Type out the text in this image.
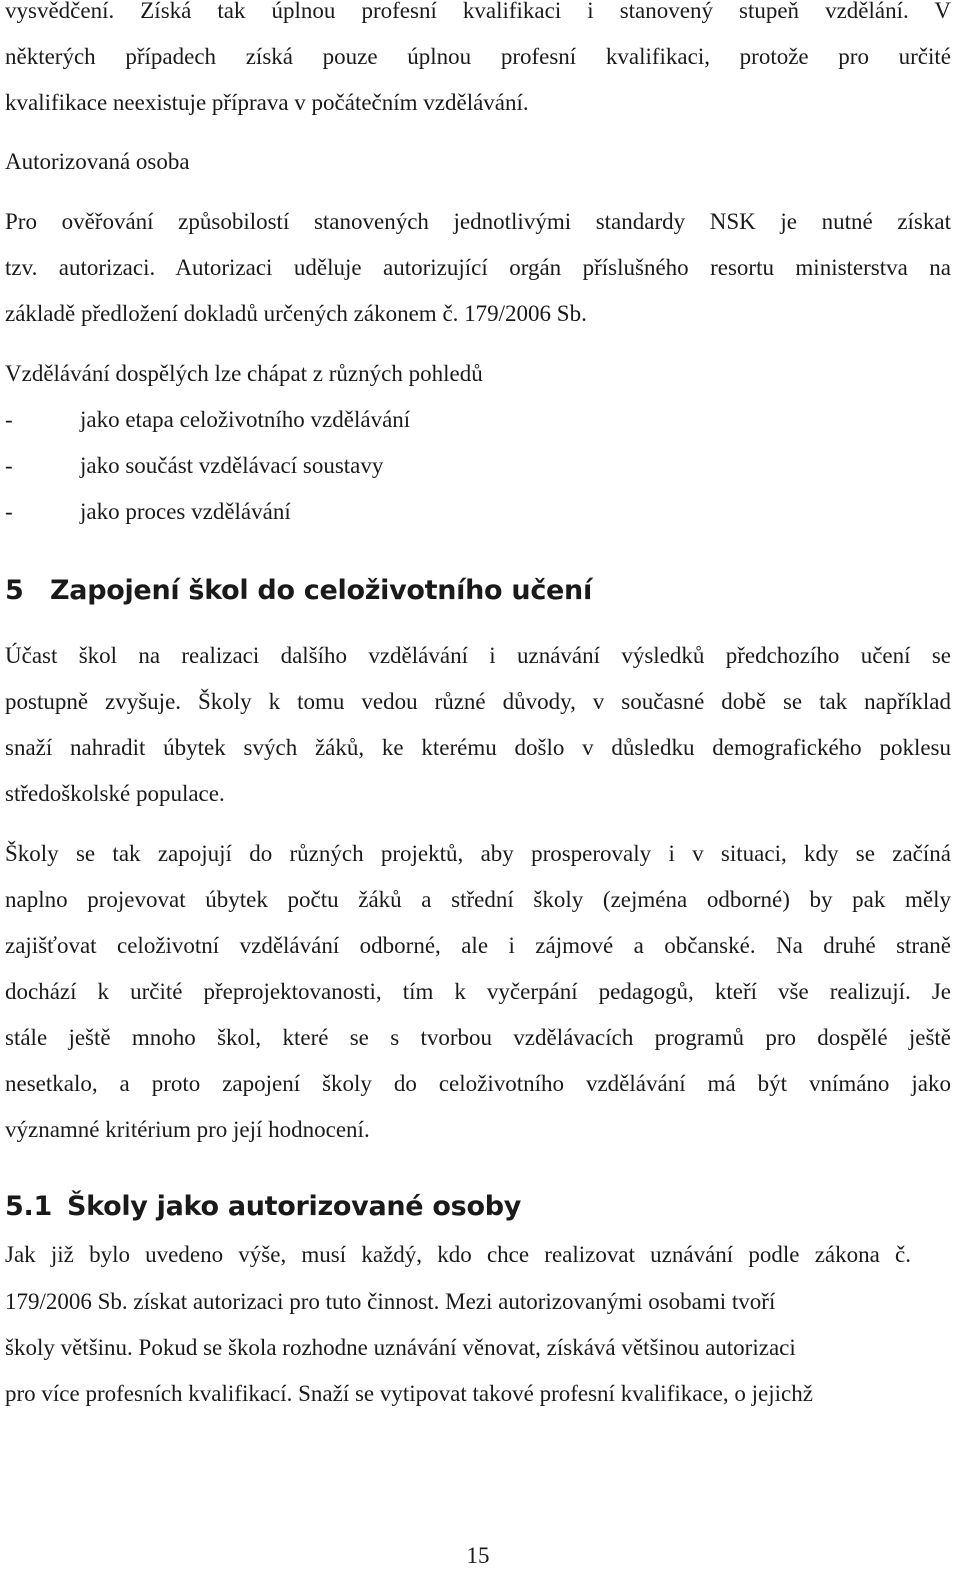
vysvědčení. Získá tak úplnou profesní kvalifikaci i stanovený stupeň vzdělání. V
některých případech získá pouze úplnou profesní kvalifikaci, protože pro určité
kvalifikace neexistuje příprava v počátečním vzdělávání.
Autorizovaná osoba
Pro ověřování způsobilostí stanovených jednotlivými standardy NSK je nutné získat
tzv. autorizaci. Autorizaci uděluje autorizující orgán příslušného resortu ministerstva na
základě předložení dokladů určených zákonem č. 179/2006 Sb.
Vzdělávání dospělých lze chápat z různých pohledů
-	jako etapa celoživotního vzdělávání
-	jako součást vzdělávací soustavy
-	jako proces vzdělávání
5 Zapojení škol do celoživotního učení
Účast škol na realizaci dalšího vzdělávání i uznávání výsledků předchozího učení se
postupně zvyšuje. Školy k tomu vedou různé důvody, v současné době se tak například
snaží nahradit úbytek svých žáků, ke kterému došlo v důsledku demografického poklesu
středoškolské populace.
Školy se tak zapojují do různých projektů, aby prosperovaly i v situaci, kdy se začíná
naplno projevovat úbytek počtu žáků a střední školy (zejména odborné) by pak měly
zajišťovat celoživotní vzdělávání odborné, ale i zájmové a občanské. Na druhé straně
dochází k určité přeprojektovanosti, tím k vyčerpání pedagogů, kteří vše realizují. Je
stále ještě mnoho škol, které se s tvorbou vzdělávacích programů pro dospělé ještě
nesetkalo, a proto zapojení školy do celoživotního vzdělávání má být vnímáno jako
významné kritérium pro její hodnocení.
5.1 Školy jako autorizované osoby
Jak již bylo uvedeno výše, musí každý, kdo chce realizovat uznávání podle zákona č.
179/2006 Sb. získat autorizaci pro tuto činnost. Mezi autorizovanými osobami tvoří
školy většinu. Pokud se škola rozhodne uznávání věnovat, získává většinou autorizaci
pro více profesních kvalifikací. Snaží se vytipovat takové profesní kvalifikace, o jejichž
15
